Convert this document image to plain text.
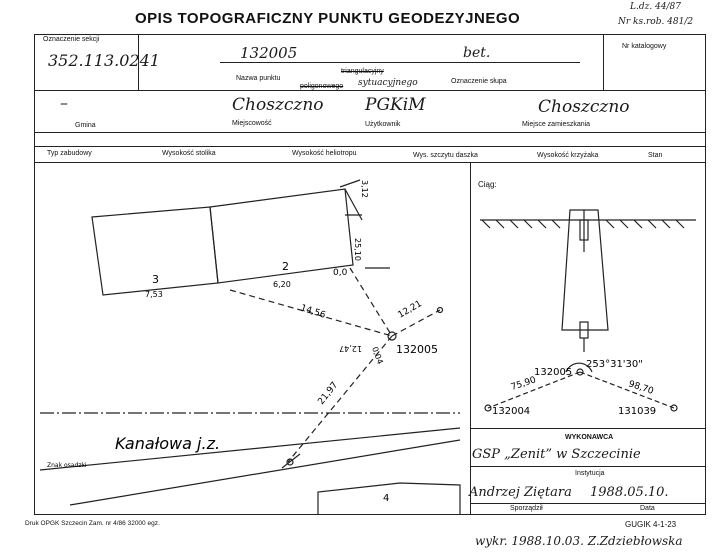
OPIS TOPOGRAFICZNY PUNKTU GEODEZYJNEGO
L.dz. 44/87
Nr ks.rob. 481/2
Oznaczenie sekcji
352.113.0241
Nr katalogowy
132005	bet.
Nazwa punktu
triangulacyjny
poligonowego sytuacyjnego	Oznaczenie słupa
–	Choszczno PGKiM	Choszczno
Gmina	Miejscowość	Użytkownik	Miejsce zamieszkania
Typ zabudowy	Wysokość stolika	Wysokość heliotropu	Wys. szczytu daszka	Wysokość krzyżaka	Stan
3
7,53
2
6,20
25,10
3,12
0,0
14,56	12,21
12,47 0,04 132005
21,97
Kanałowa j.z.
Znak osadzki
4
Ciąg:
132005
253°31'30"
75,90	98,70
132004	131039
WYKONAWCA
GSP „Zenit” w Szczecinie
Instytucja
Andrzej Ziętara 1988.05.10.
Sporządził	Data
Druk OPGK Szczecin Zam. nr 4/86 32000 egz.	GUGIK 4-1-23
wykr. 1988.10.03. Z.Zdziebłowska
